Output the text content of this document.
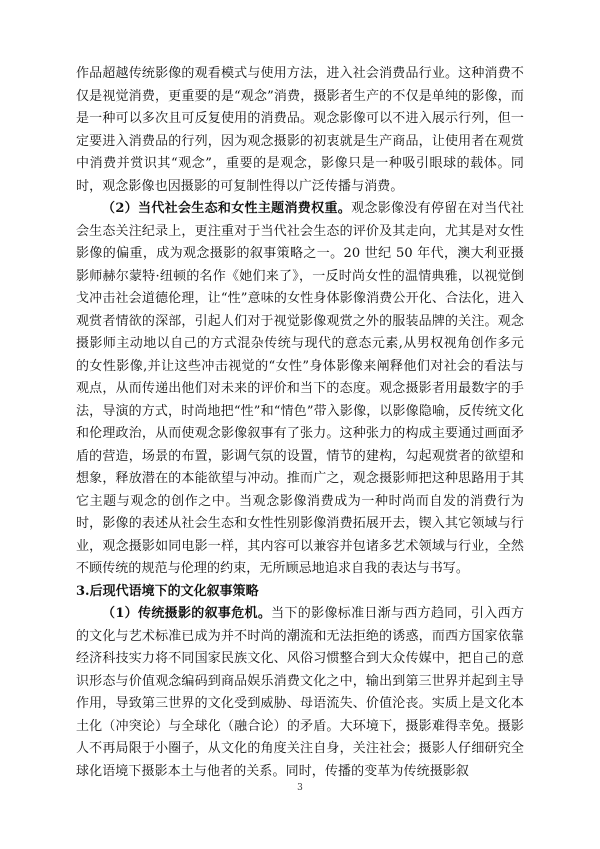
作品超越传统影像的观看模式与使用方法，进入社会消费品行业。这种消费不仅是视觉消费，更重要的是“观念”消费，摄影者生产的不仅是单纯的影像，而是一种可以多次且可反复使用的消费品。观念影像可以不进入展示行列，但一定要进入消费品的行列，因为观念摄影的初衷就是生产商品，让使用者在观赏中消费并赏识其“观念”，重要的是观念，影像只是一种吸引眼球的载体。同时，观念影像也因摄影的可复制性得以广泛传播与消费。

（2）当代社会生态和女性主题消费权重。观念影像没有停留在对当代社会生态关注纪录上，更注重对于当代社会生态的评价及其走向，尤其是对女性影像的偏重，成为观念摄影的叙事策略之一。20 世纪 50 年代，澳大利亚摄影师赫尔蒙特·纽顿的名作《她们来了》，一反时尚女性的温情典雅，以视觉倒戈冲击社会道德伦理，让“性”意味的女性身体影像消费公开化、合法化，进入观赏者情欲的深部，引起人们对于视觉影像观赏之外的服装品牌的关注。观念摄影师主动地以自己的方式混杂传统与现代的意态元素,从男权视角创作多元的女性影像,并让这些冲击视觉的“女性”身体影像来阐释他们对社会的看法与观点，从而传递出他们对未来的评价和当下的态度。观念摄影者用最数字的手法，导演的方式，时尚地把“性”和“情色”带入影像，以影像隐喻，反传统文化和伦理政治，从而使观念影像叙事有了张力。这种张力的构成主要通过画面矛盾的营造，场景的布置，影调气氛的设置，情节的建构，勾起观赏者的欲望和想象，释放潜在的本能欲望与冲动。推而广之，观念摄影师把这种思路用于其它主题与观念的创作之中。当观念影像消费成为一种时尚而自发的消费行为时，影像的表述从社会生态和女性性别影像消费拓展开去，锲入其它领域与行业，观念摄影如同电影一样，其内容可以兼容并包诸多艺术领域与行业，全然不顾传统的规范与伦理的约束，无所顾忌地追求自我的表达与书写。

3.后现代语境下的文化叙事策略

（1）传统摄影的叙事危机。当下的影像标准日渐与西方趋同，引入西方的文化与艺术标准已成为并不时尚的潮流和无法拒绝的诱惑，而西方国家依靠经济科技实力将不同国家民族文化、风俗习惯整合到大众传媒中，把自己的意识形态与价值观念编码到商品娱乐消费文化之中，输出到第三世界并起到主导作用，导致第三世界的文化受到威胁、母语流失、价值沦丧。实质上是文化本土化（冲突论）与全球化（融合论）的矛盾。大环境下，摄影难得幸免。摄影人不再局限于小圈子，从文化的角度关注自身，关注社会；摄影人仔细研究全球化语境下摄影本土与他者的关系。同时，传播的变革为传统摄影叙

3
